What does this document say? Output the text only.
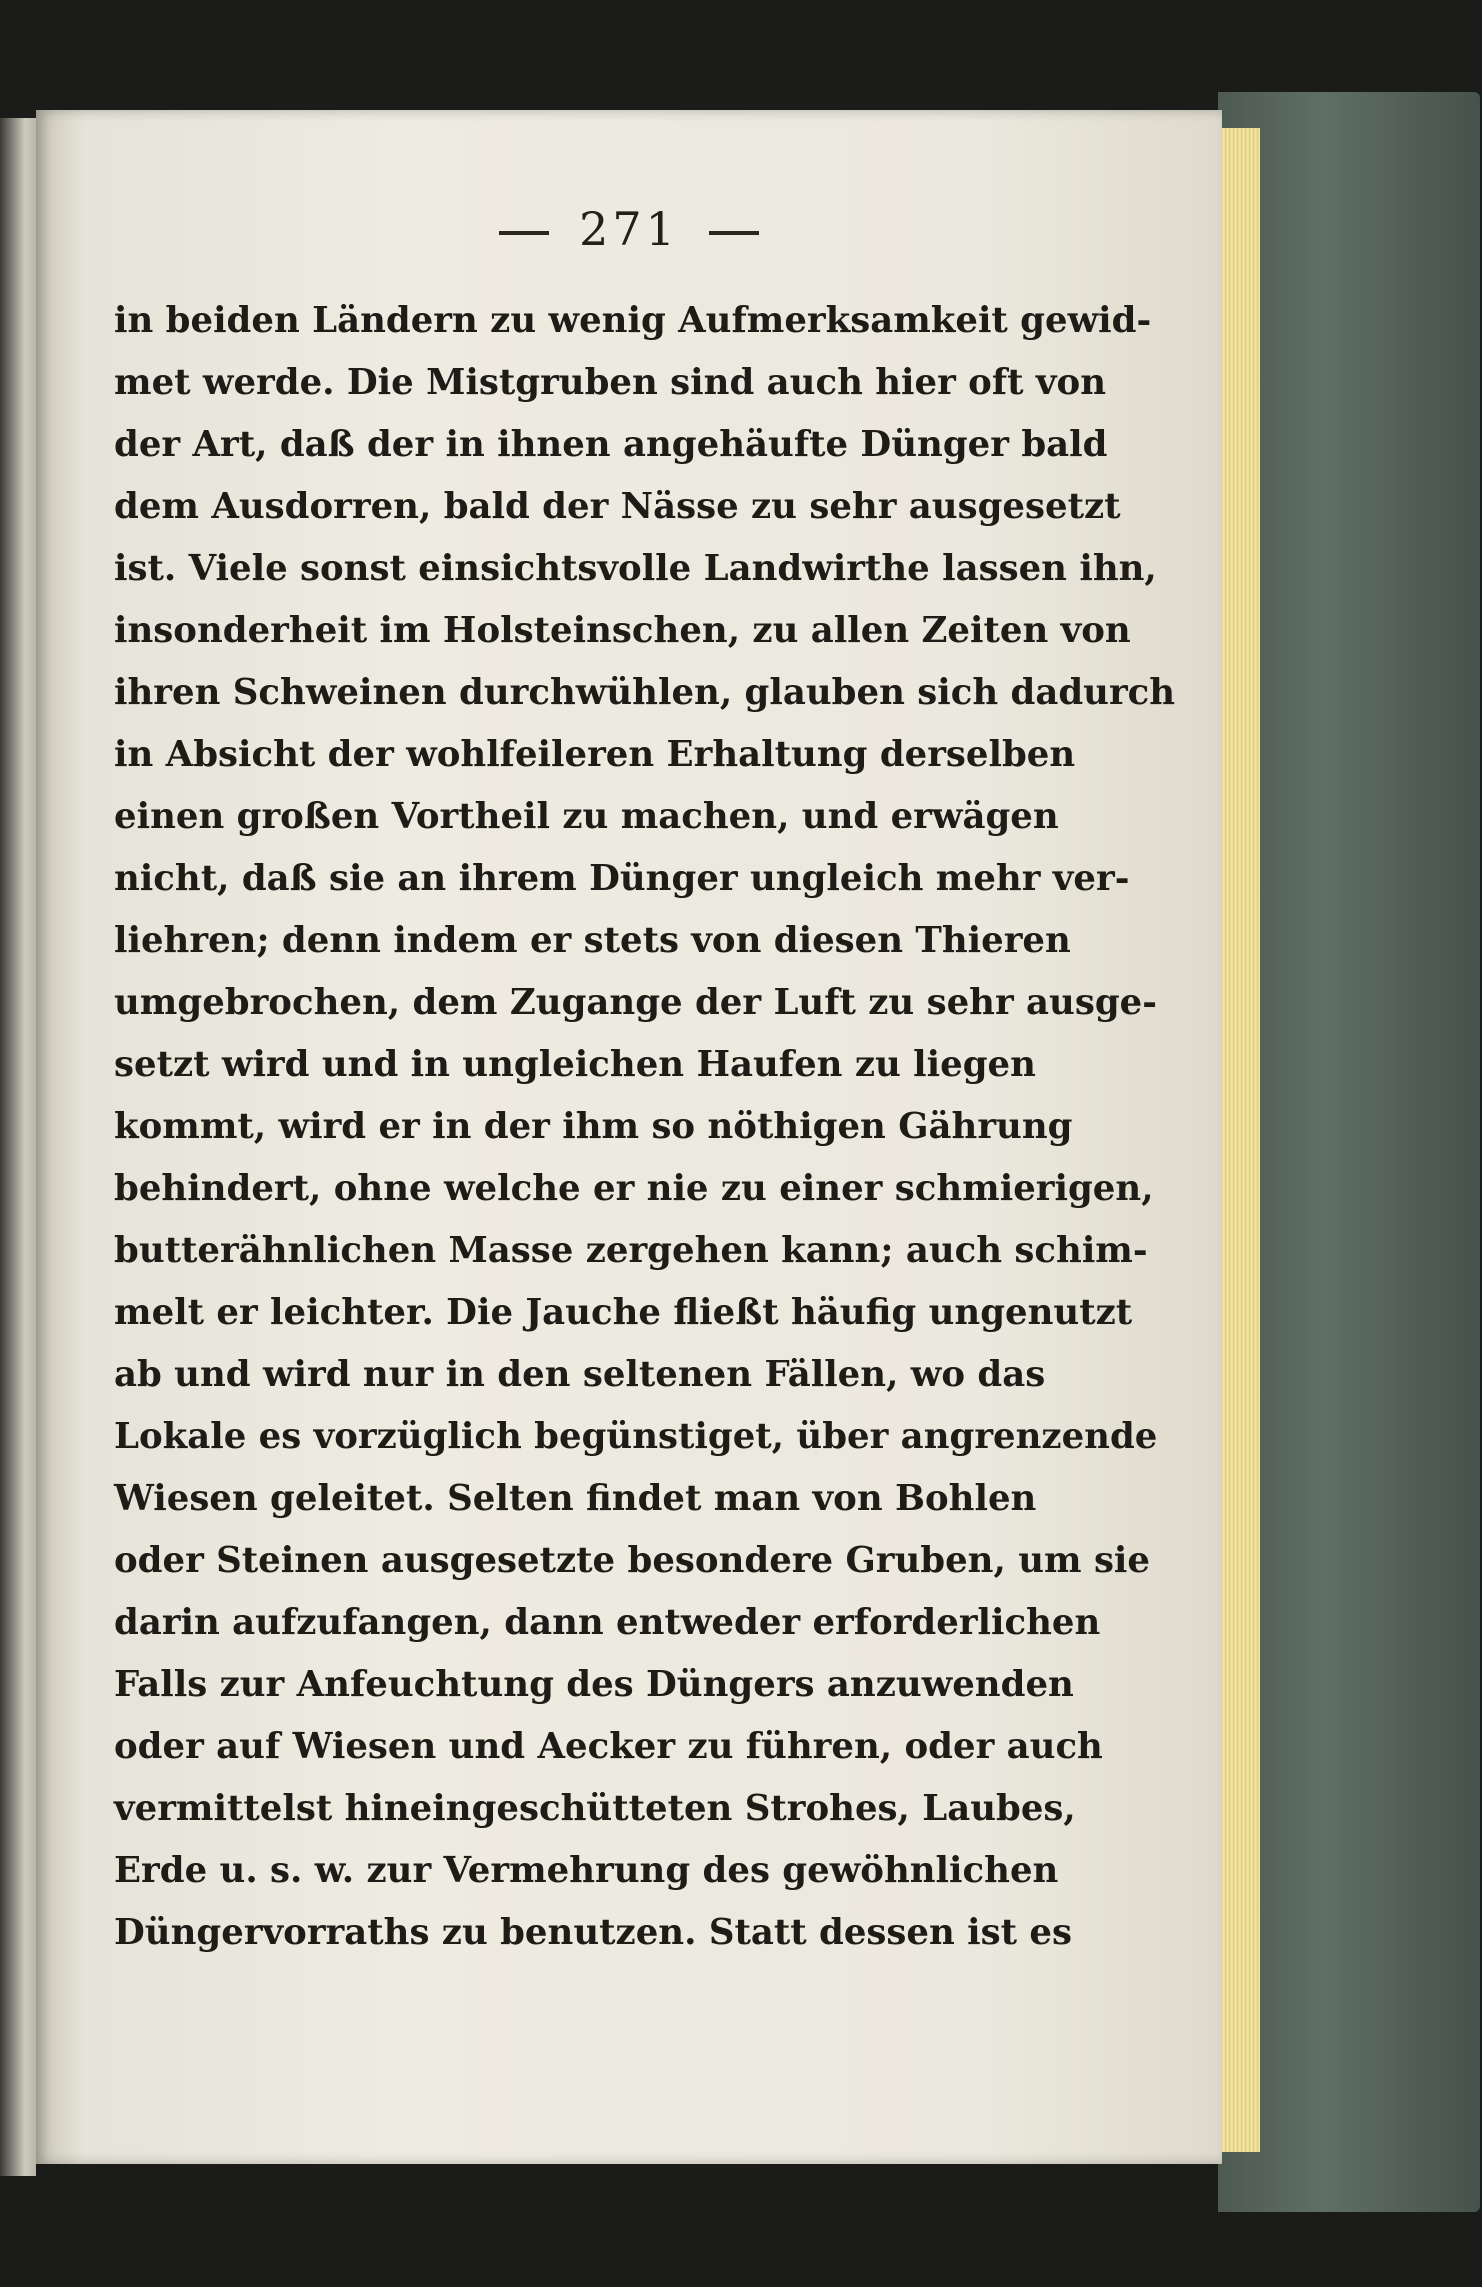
271
in beiden Ländern zu wenig Aufmerksamkeit gewid-
met werde. Die Mistgruben sind auch hier oft von
der Art, daß der in ihnen angehäufte Dünger bald
dem Ausdorren, bald der Nässe zu sehr ausgesetzt
ist. Viele sonst einsichtsvolle Landwirthe lassen ihn,
insonderheit im Holsteinschen, zu allen Zeiten von
ihren Schweinen durchwühlen, glauben sich dadurch
in Absicht der wohlfeileren Erhaltung derselben
einen großen Vortheil zu machen, und erwägen
nicht, daß sie an ihrem Dünger ungleich mehr ver-
liehren; denn indem er stets von diesen Thieren
umgebrochen, dem Zugange der Luft zu sehr ausge-
setzt wird und in ungleichen Haufen zu liegen
kommt, wird er in der ihm so nöthigen Gährung
behindert, ohne welche er nie zu einer schmierigen,
butterähnlichen Masse zergehen kann; auch schim-
melt er leichter. Die Jauche fließt häufig ungenutzt
ab und wird nur in den seltenen Fällen, wo das
Lokale es vorzüglich begünstiget, über angrenzende
Wiesen geleitet. Selten findet man von Bohlen
oder Steinen ausgesetzte besondere Gruben, um sie
darin aufzufangen, dann entweder erforderlichen
Falls zur Anfeuchtung des Düngers anzuwenden
oder auf Wiesen und Aecker zu führen, oder auch
vermittelst hineingeschütteten Strohes, Laubes,
Erde u. s. w. zur Vermehrung des gewöhnlichen
Düngervorraths zu benutzen. Statt dessen ist es
